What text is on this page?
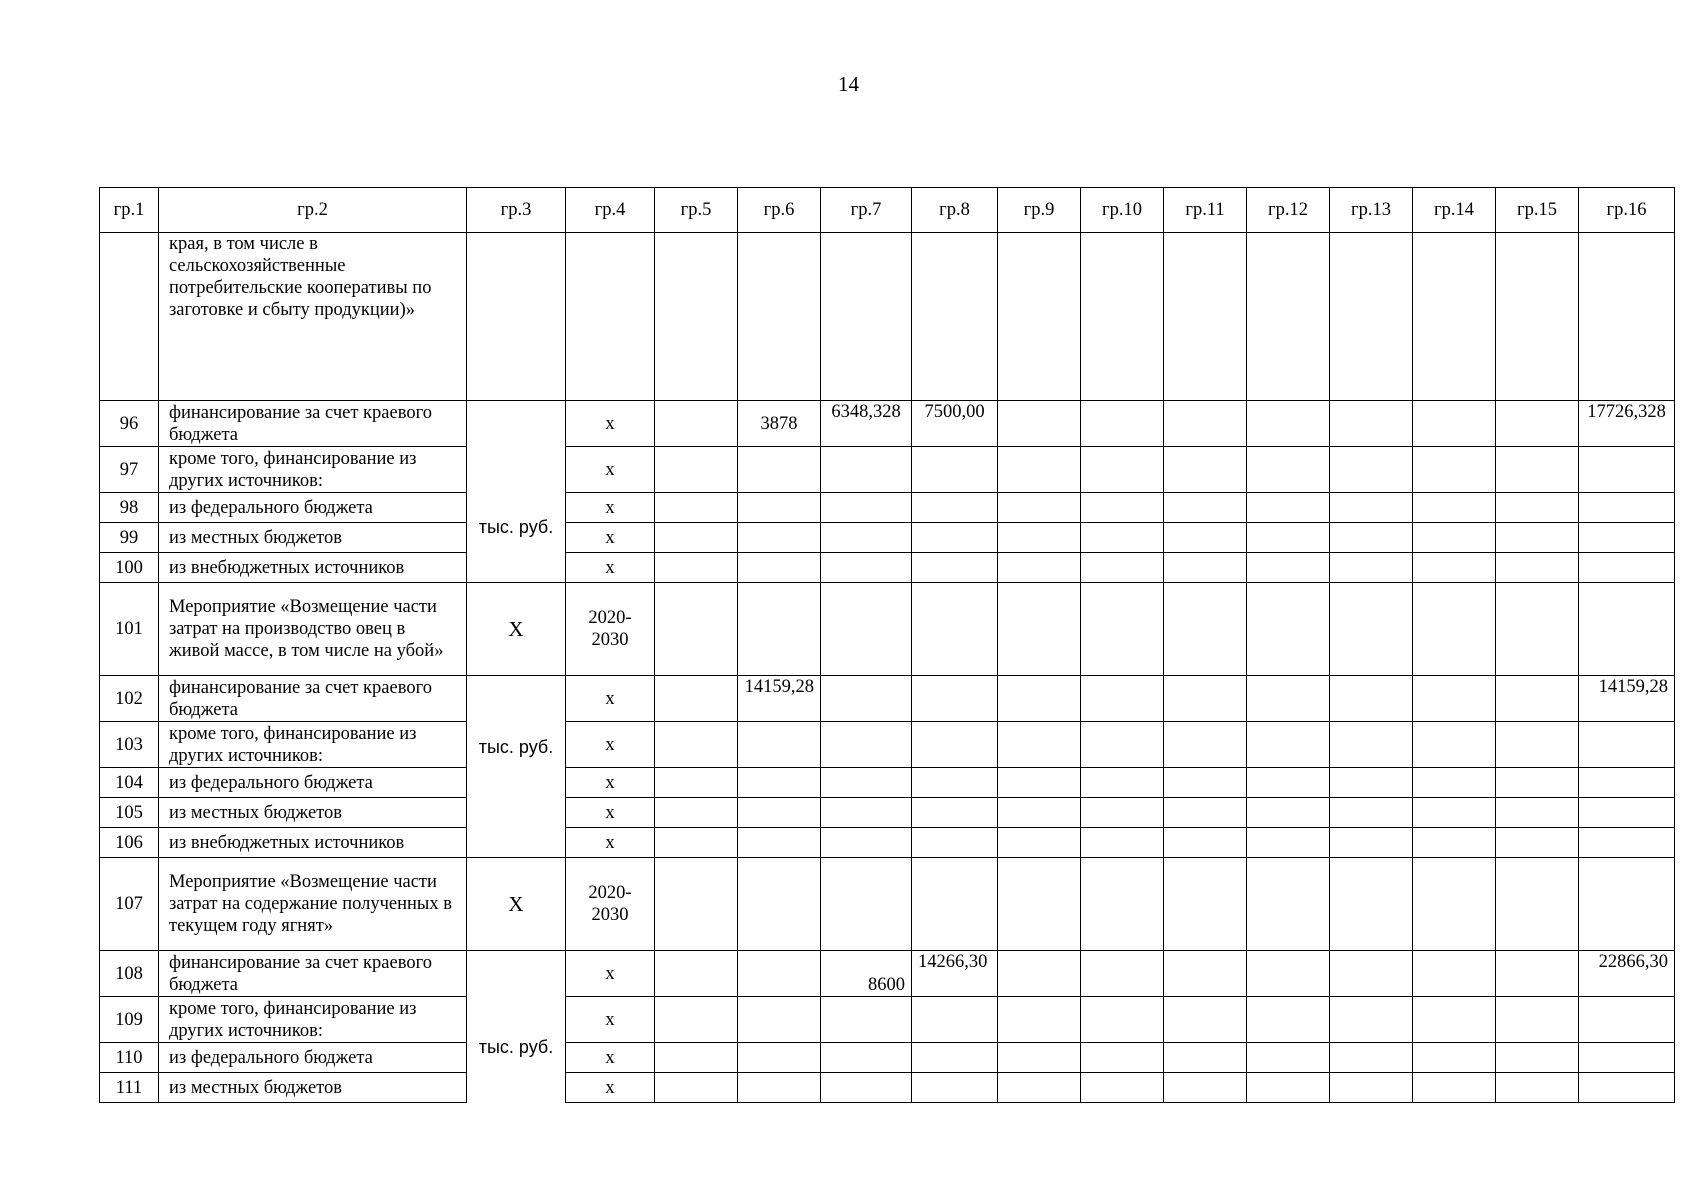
14
гр.1	гр.2	гр.3	гр.4	гр.5	гр.6	гр.7	гр.8	гр.9	гр.10	гр.11	гр.12	гр.13	гр.14	гр.15	гр.16
	края, в том числе в сельскохозяйственные потребительские кооперативы по заготовке и сбыту продукции)»														
96	финансирование за счет краевого бюджета	тыс. руб.	х		3878	6348,328	7500,00								17726,328
97	кроме того, финансирование из других источников:		х												
98	из федерального бюджета		х												
99	из местных бюджетов		х												
100	из внебюджетных источников		х												
101	Мероприятие «Возмещение части затрат на производство овец в живой массе, в том числе на убой»	Х	2020-2030												
102	финансирование за счет краевого бюджета	тыс. руб.	х		14159,28										14159,28
103	кроме того, финансирование из других источников:		х												
104	из федерального бюджета		х												
105	из местных бюджетов		х												
106	из внебюджетных источников		х												
107	Мероприятие «Возмещение части затрат на содержание полученных в текущем году ягнят»	Х	2020-2030												
108	финансирование за счет краевого бюджета	тыс. руб.	х			8600	14266,30								22866,30
109	кроме того, финансирование из других источников:		х												
110	из федерального бюджета		х												
111	из местных бюджетов		х												
